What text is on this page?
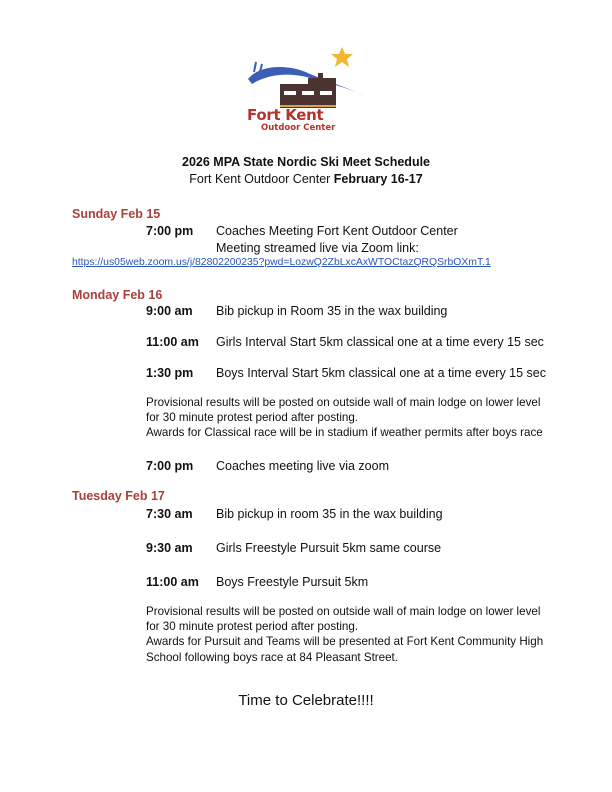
Fort Kent
Outdoor Center
2026 MPA State Nordic Ski Meet Schedule
Fort Kent Outdoor Center February 16-17
Sunday Feb 15
7:00 pm Coaches Meeting Fort Kent Outdoor Center
Meeting streamed live via Zoom link:
https://us05web.zoom.us/j/82802200235?pwd=LozwQ2ZbLxcAxWTOCtazQRQSrbOXmT.1
Monday Feb 16
9:00 am Bib pickup in Room 35 in the wax building
11:00 am Girls Interval Start 5km classical one at a time every 15 sec
1:30 pm Boys Interval Start 5km classical one at a time every 15 sec
Provisional results will be posted on outside wall of main lodge on lower level
for 30 minute protest period after posting.
Awards for Classical race will be in stadium if weather permits after boys race
7:00 pm Coaches meeting live via zoom
Tuesday Feb 17
7:30 am Bib pickup in room 35 in the wax building
9:30 am Girls Freestyle Pursuit 5km same course
11:00 am Boys Freestyle Pursuit 5km
Provisional results will be posted on outside wall of main lodge on lower level
for 30 minute protest period after posting.
Awards for Pursuit and Teams will be presented at Fort Kent Community High
School following boys race at 84 Pleasant Street.
Time to Celebrate!!!!
